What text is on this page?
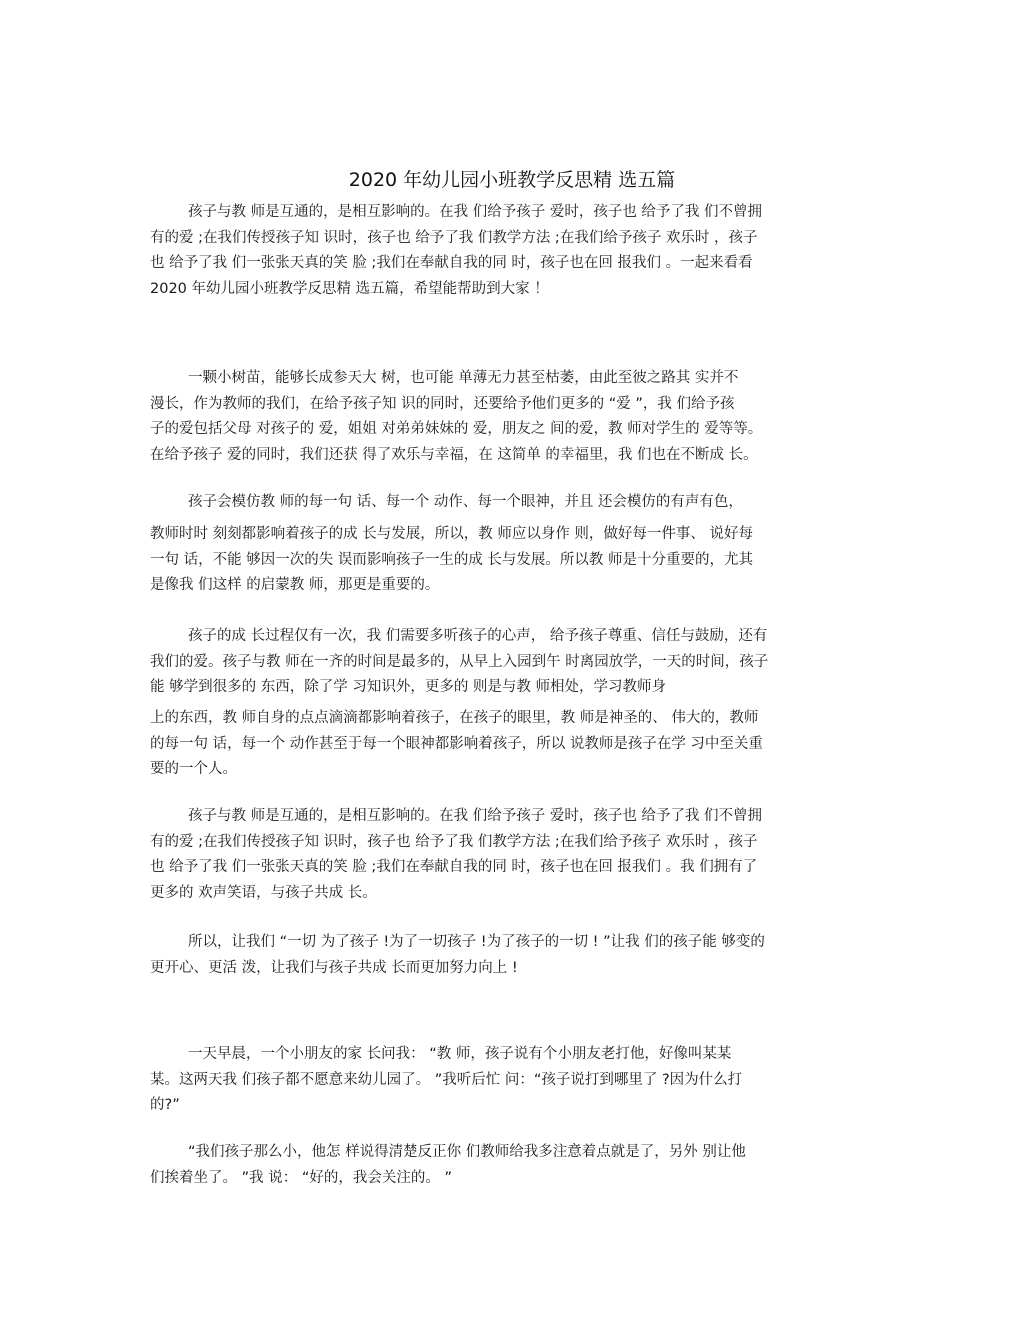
2020 年幼儿园小班教学反思精 选五篇

孩子与教 师是互通的，是相互影响的。在我 们给予孩子 爱时，孩子也 给予了我 们不曾拥
有的爱 ;在我们传授孩子知 识时，孩子也 给予了我 们教学方法 ;在我们给予孩子 欢乐时 ，孩子
也 给予了我 们一张张天真的笑 脸 ;我们在奉献自我的同 时，孩子也在回 报我们 。一起来看看
2020 年幼儿园小班教学反思精 选五篇，希望能帮助到大家 ！

一颗小树苗，能够长成参天大 树，也可能 单薄无力甚至枯萎，由此至彼之路其 实并不
漫长，作为教师的我们，在给予孩子知 识的同时，还要给予他们更多的 “爱 ”，我 们给予孩
子的爱包括父母 对孩子的 爱，姐姐 对弟弟妹妹的 爱，朋友之 间的爱，教 师对学生的 爱等等。
在给予孩子 爱的同时，我们还获 得了欢乐与幸福，在 这简单 的幸福里，我 们也在不断成 长。

孩子会模仿教 师的每一句 话、每一个 动作、每一个眼神，并且 还会模仿的有声有色，

教师时时 刻刻都影响着孩子的成 长与发展，所以，教 师应以身作 则，做好每一件事、 说好每
一句 话，不能 够因一次的失 误而影响孩子一生的成 长与发展。所以教 师是十分重要的，尤其
是像我 们这样 的启蒙教 师，那更是重要的。

孩子的成 长过程仅有一次，我 们需要多听孩子的心声， 给予孩子尊重、信任与鼓励，还有
我们的爱。孩子与教 师在一齐的时间是最多的，从早上入园到午 时离园放学，一天的时间，孩子
能 够学到很多的 东西，除了学 习知识外，更多的 则是与教 师相处，学习教师身

上的东西，教 师自身的点点滴滴都影响着孩子，在孩子的眼里，教 师是神圣的、 伟大的，教师
的每一句 话，每一个 动作甚至于每一个眼神都影响着孩子，所以 说教师是孩子在学 习中至关重
要的一个人。

孩子与教 师是互通的，是相互影响的。在我 们给予孩子 爱时，孩子也 给予了我 们不曾拥
有的爱 ;在我们传授孩子知 识时，孩子也 给予了我 们教学方法 ;在我们给予孩子 欢乐时 ，孩子
也 给予了我 们一张张天真的笑 脸 ;我们在奉献自我的同 时，孩子也在回 报我们 。我 们拥有了
更多的 欢声笑语，与孩子共成 长。

所以，让我们 “一切 为了孩子 !为了一切孩子 !为了孩子的一切 ! ”让我 们的孩子能 够变的
更开心、更活 泼，让我们与孩子共成 长而更加努力向上 !

一天早晨，一个小朋友的家 长问我： “教 师，孩子说有个小朋友老打他，好像叫某某
某。这两天我 们孩子都不愿意来幼儿园了。 ”我听后忙 问：“孩子说打到哪里了 ?因为什么打
的?”

“我们孩子那么小，他怎 样说得清楚反正你 们教师给我多注意着点就是了，另外 别让他
们挨着坐了。 ”我 说： “好的，我会关注的。 ”
